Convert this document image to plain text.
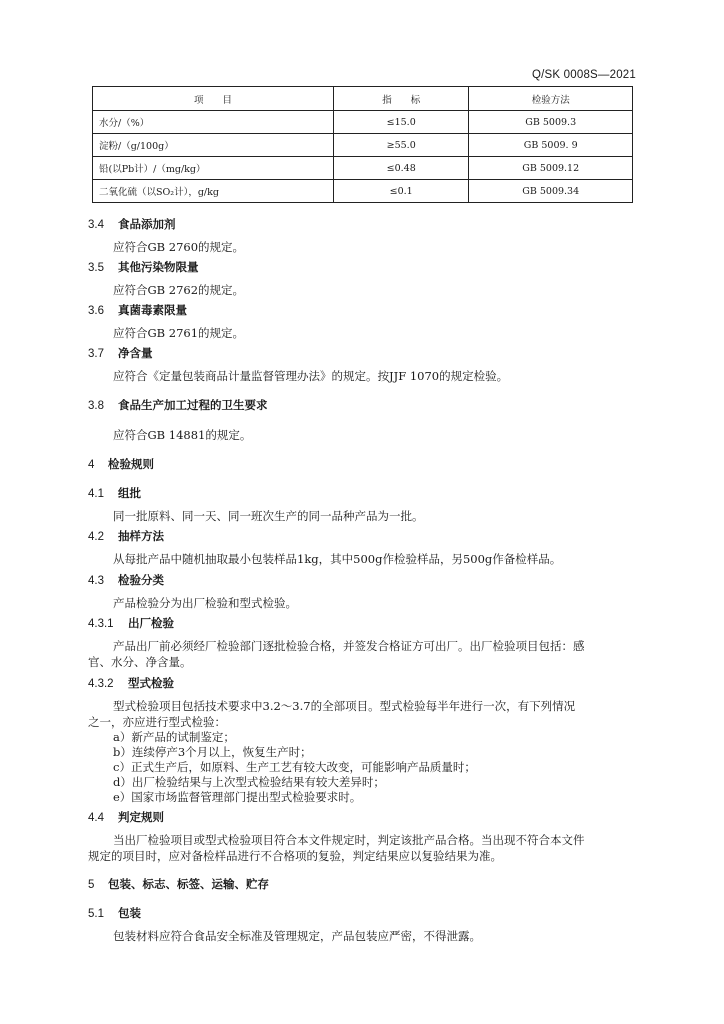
Q/SK 0008S—2021
项　　目	指　　标	检验方法
水分/（%）	≤15.0	GB 5009.3
淀粉/（g/100g）	≥55.0	GB 5009. 9
铅(以Pb计）/（mg/kg）	≤0.48	GB 5009.12
二氧化硫（以SO₂计），g/kg	≤0.1	GB 5009.34
3.4 食品添加剂
应符合GB 2760的规定。
3.5 其他污染物限量
应符合GB 2762的规定。
3.6 真菌毒素限量
应符合GB 2761的规定。
3.7 净含量
应符合《定量包装商品计量监督管理办法》的规定。按JJF 1070的规定检验。
3.8 食品生产加工过程的卫生要求
应符合GB 14881的规定。
4 检验规则
4.1 组批
同一批原料、同一天、同一班次生产的同一品种产品为一批。
4.2 抽样方法
从每批产品中随机抽取最小包装样品1kg，其中500g作检验样品，另500g作备检样品。
4.3 检验分类
产品检验分为出厂检验和型式检验。
4.3.1 出厂检验
产品出厂前必须经厂检验部门逐批检验合格，并签发合格证方可出厂。出厂检验项目包括：感
官、水分、净含量。
4.3.2 型式检验
型式检验项目包括技术要求中3.2～3.7的全部项目。型式检验每半年进行一次，有下列情况
之一，亦应进行型式检验：
a）新产品的试制鉴定；
b）连续停产3个月以上，恢复生产时；
c）正式生产后，如原料、生产工艺有较大改变，可能影响产品质量时；
d）出厂检验结果与上次型式检验结果有较大差异时；
e）国家市场监督管理部门提出型式检验要求时。
4.4 判定规则
当出厂检验项目或型式检验项目符合本文件规定时，判定该批产品合格。当出现不符合本文件
规定的项目时，应对备检样品进行不合格项的复验，判定结果应以复验结果为准。
5 包装、标志、标签、运输、贮存
5.1 包装
包装材料应符合食品安全标准及管理规定，产品包装应严密，不得泄露。
